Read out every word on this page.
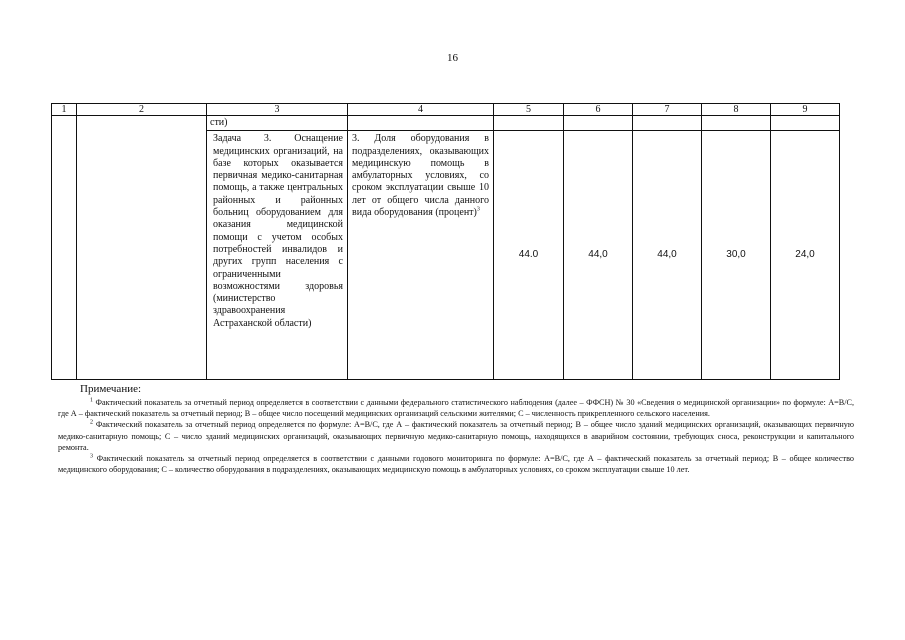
16
1	2	3	4	5	6	7	8	9
		сти)						
		Задача 3. Оснащение медицинских организаций, на базе которых оказывается первичная медико-санитарная помощь, а также центральных районных и районных больниц оборудованием для оказания медицинской помощи с учетом особых потребностей инвалидов и других групп населения с ограниченными возможностями здоровья (министерство здравоохранения Астраханской области)	3. Доля оборудования в подразделениях, оказывающих медицинскую помощь в амбулаторных условиях, со сроком эксплуатации свыше 10 лет от общего числа данного вида оборудования (процент)$^3$	44.0	44,0	44,0	30,0	24,0
Примечание:

$^1$ Фактический показатель за отчетный период определяется в соответствии с данными федерального статистического наблюдения (далее – ФФСН) № 30 «Сведения о медицинской организации» по формуле: A=B/C, где А – фактический показатель за отчетный период; В – общее число посещений медицинских организаций сельскими жителями; С – численность прикрепленного сельского населения.

$^2$ Фактический показатель за отчетный период определяется по формуле: A=B/C, где А – фактический показатель за отчетный период; В – общее число зданий медицинских организаций, оказывающих первичную медико-санитарную помощь; С – число зданий медицинских организаций, оказывающих первичную медико-санитарную помощь, находящихся в аварийном состоянии, требующих сноса, реконструкции и капитального ремонта.

$^3$ Фактический показатель за отчетный период определяется в соответствии с данными годового мониторинга по формуле: A=B/C, где А – фактический показатель за отчетный период; В – общее количество медицинского оборудования; С – количество оборудования в подразделениях, оказывающих медицинскую помощь в амбулаторных условиях, со сроком эксплуатации свыше 10 лет.
